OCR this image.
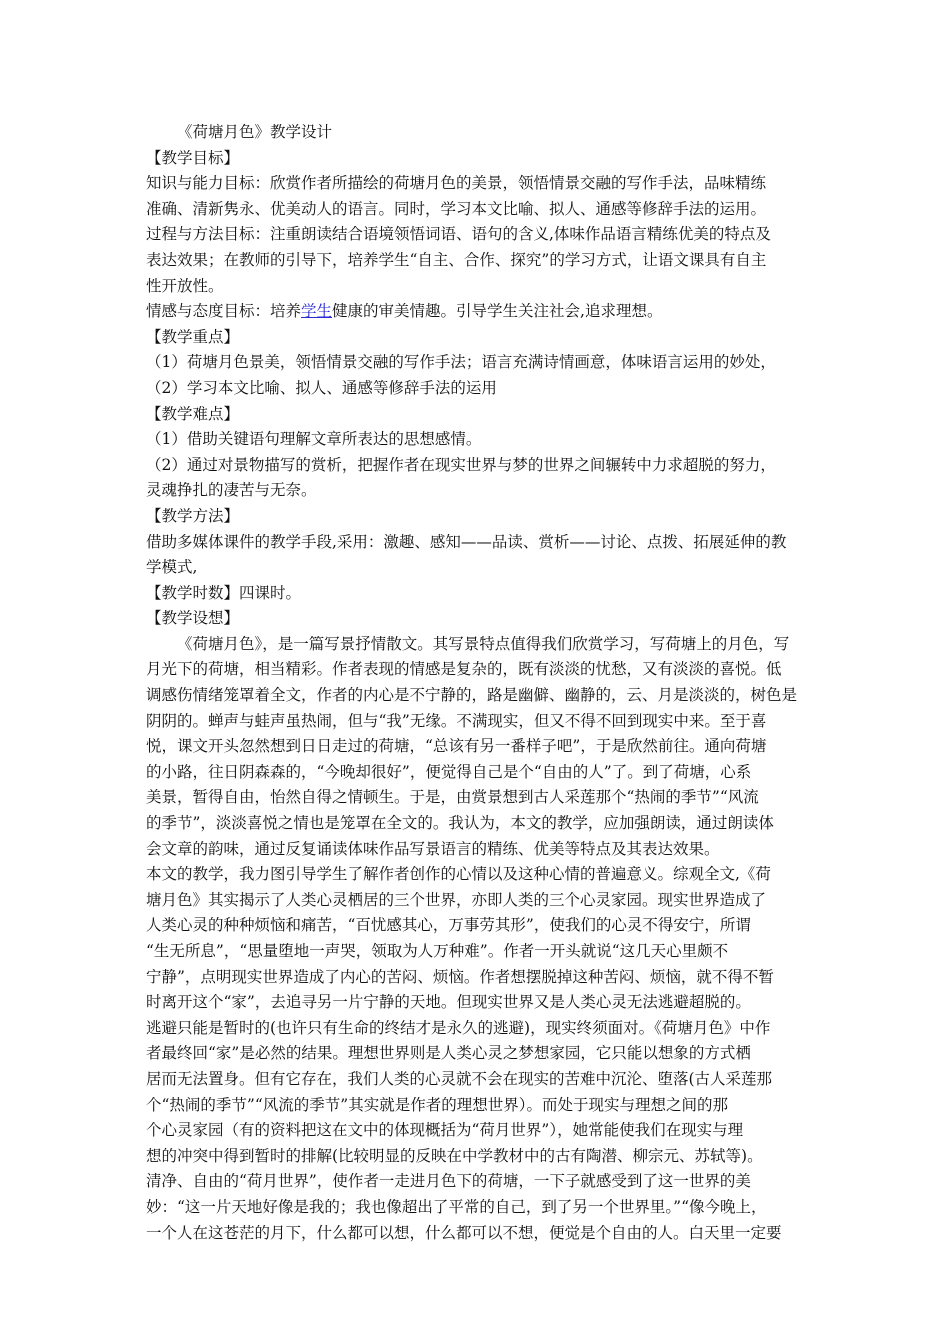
《荷塘月色》教学设计
【教学目标】
知识与能力目标：欣赏作者所描绘的荷塘月色的美景，领悟情景交融的写作手法，品味精练
准确、清新隽永、优美动人的语言。同时，学习本文比喻、拟人、通感等修辞手法的运用。
过程与方法目标：注重朗读结合语境领悟词语、语句的含义,体味作品语言精练优美的特点及
表达效果；在教师的引导下，培养学生“自主、合作、探究”的学习方式，让语文课具有自主
性开放性。
情感与态度目标：培养学生健康的审美情趣。引导学生关注社会,追求理想。
【教学重点】
（1）荷塘月色景美，领悟情景交融的写作手法；语言充满诗情画意，体味语言运用的妙处，
（2）学习本文比喻、拟人、通感等修辞手法的运用
【教学难点】
（1）借助关键语句理解文章所表达的思想感情。
（2）通过对景物描写的赏析，把握作者在现实世界与梦的世界之间辗转中力求超脱的努力，
灵魂挣扎的凄苦与无奈。
【教学方法】
借助多媒体课件的教学手段,采用：激趣、感知——品读、赏析——讨论、点拨、拓展延伸的教
学模式,
【教学时数】四课时。
【教学设想】
《荷塘月色》，是一篇写景抒情散文。其写景特点值得我们欣赏学习，写荷塘上的月色，写
月光下的荷塘，相当精彩。作者表现的情感是复杂的，既有淡淡的忧愁，又有淡淡的喜悦。低
调感伤情绪笼罩着全文，作者的内心是不宁静的，路是幽僻、幽静的，云、月是淡淡的，树色是
阴阴的。蝉声与蛙声虽热闹，但与“我”无缘。不满现实，但又不得不回到现实中来。至于喜
悦，课文开头忽然想到日日走过的荷塘，“总该有另一番样子吧”，于是欣然前往。通向荷塘
的小路，往日阴森森的，“今晚却很好”，便觉得自己是个“自由的人”了。到了荷塘，心系
美景，暂得自由，怡然自得之情顿生。于是，由赏景想到古人采莲那个“热闹的季节”“风流
的季节”，淡淡喜悦之情也是笼罩在全文的。我认为，本文的教学，应加强朗读，通过朗读体
会文章的韵味，通过反复诵读体味作品写景语言的精练、优美等特点及其表达效果。
本文的教学，我力图引导学生了解作者创作的心情以及这种心情的普遍意义。综观全文,《荷
塘月色》其实揭示了人类心灵栖居的三个世界，亦即人类的三个心灵家园。现实世界造成了
人类心灵的种种烦恼和痛苦，“百忧感其心，万事劳其形”，使我们的心灵不得安宁，所谓
“生无所息”，“思量堕地一声哭，领取为人万种难”。作者一开头就说“这几天心里颇不
宁静”，点明现实世界造成了内心的苦闷、烦恼。作者想摆脱掉这种苦闷、烦恼，就不得不暂
时离开这个“家”，去追寻另一片宁静的天地。但现实世界又是人类心灵无法逃避超脱的。
逃避只能是暂时的(也许只有生命的终结才是永久的逃避)，现实终须面对。《荷塘月色》中作
者最终回“家”是必然的结果。理想世界则是人类心灵之梦想家园，它只能以想象的方式栖
居而无法置身。但有它存在，我们人类的心灵就不会在现实的苦难中沉沦、堕落(古人采莲那
个“热闹的季节”“风流的季节”其实就是作者的理想世界）。而处于现实与理想之间的那
个心灵家园（有的资料把这在文中的体现概括为“荷月世界”），她常能使我们在现实与理
想的冲突中得到暂时的排解(比较明显的反映在中学教材中的古有陶潜、柳宗元、苏轼等)。
清净、自由的“荷月世界”，使作者一走进月色下的荷塘，一下子就感受到了这一世界的美
妙：“这一片天地好像是我的；我也像超出了平常的自己，到了另一个世界里。”“像今晚上，
一个人在这苍茫的月下，什么都可以想，什么都可以不想，便觉是个自由的人。白天里一定要
